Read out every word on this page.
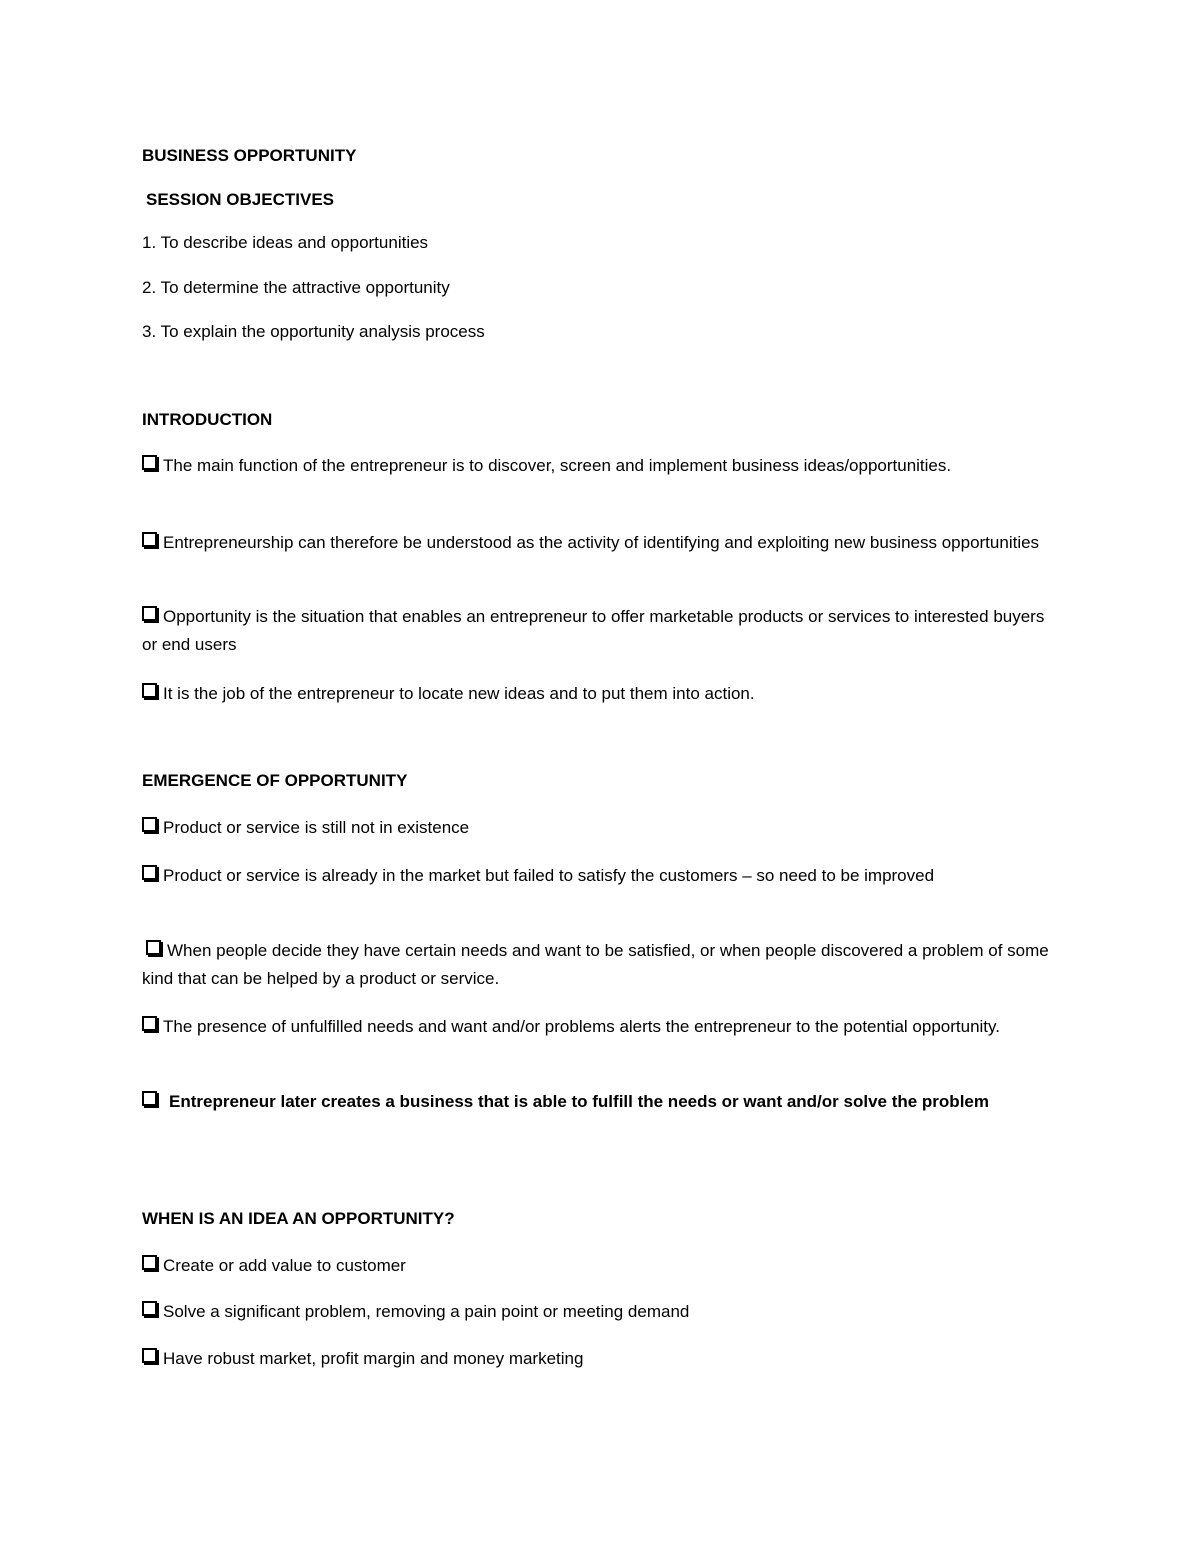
BUSINESS OPPORTUNITY
SESSION OBJECTIVES
1. To describe ideas and opportunities
2. To determine the attractive opportunity
3. To explain the opportunity analysis process
INTRODUCTION
The main function of the entrepreneur is to discover, screen and implement business ideas/opportunities.
Entrepreneurship can therefore be understood as the activity of identifying and exploiting new business opportunities
Opportunity is the situation that enables an entrepreneur to offer marketable products or services to interested buyers or end users
It is the job of the entrepreneur to locate new ideas and to put them into action.
EMERGENCE OF OPPORTUNITY
Product or service is still not in existence
Product or service is already in the market but failed to satisfy the customers – so need to be improved
When people decide they have certain needs and want to be satisfied, or when people discovered a problem of some kind that can be helped by a product or service.
The presence of unfulfilled needs and want and/or problems alerts the entrepreneur to the potential opportunity.
Entrepreneur later creates a business that is able to fulfill the needs or want and/or solve the problem
WHEN IS AN IDEA AN OPPORTUNITY?
Create or add value to customer
Solve a significant problem, removing a pain point or meeting demand
Have robust market, profit margin and money marketing
